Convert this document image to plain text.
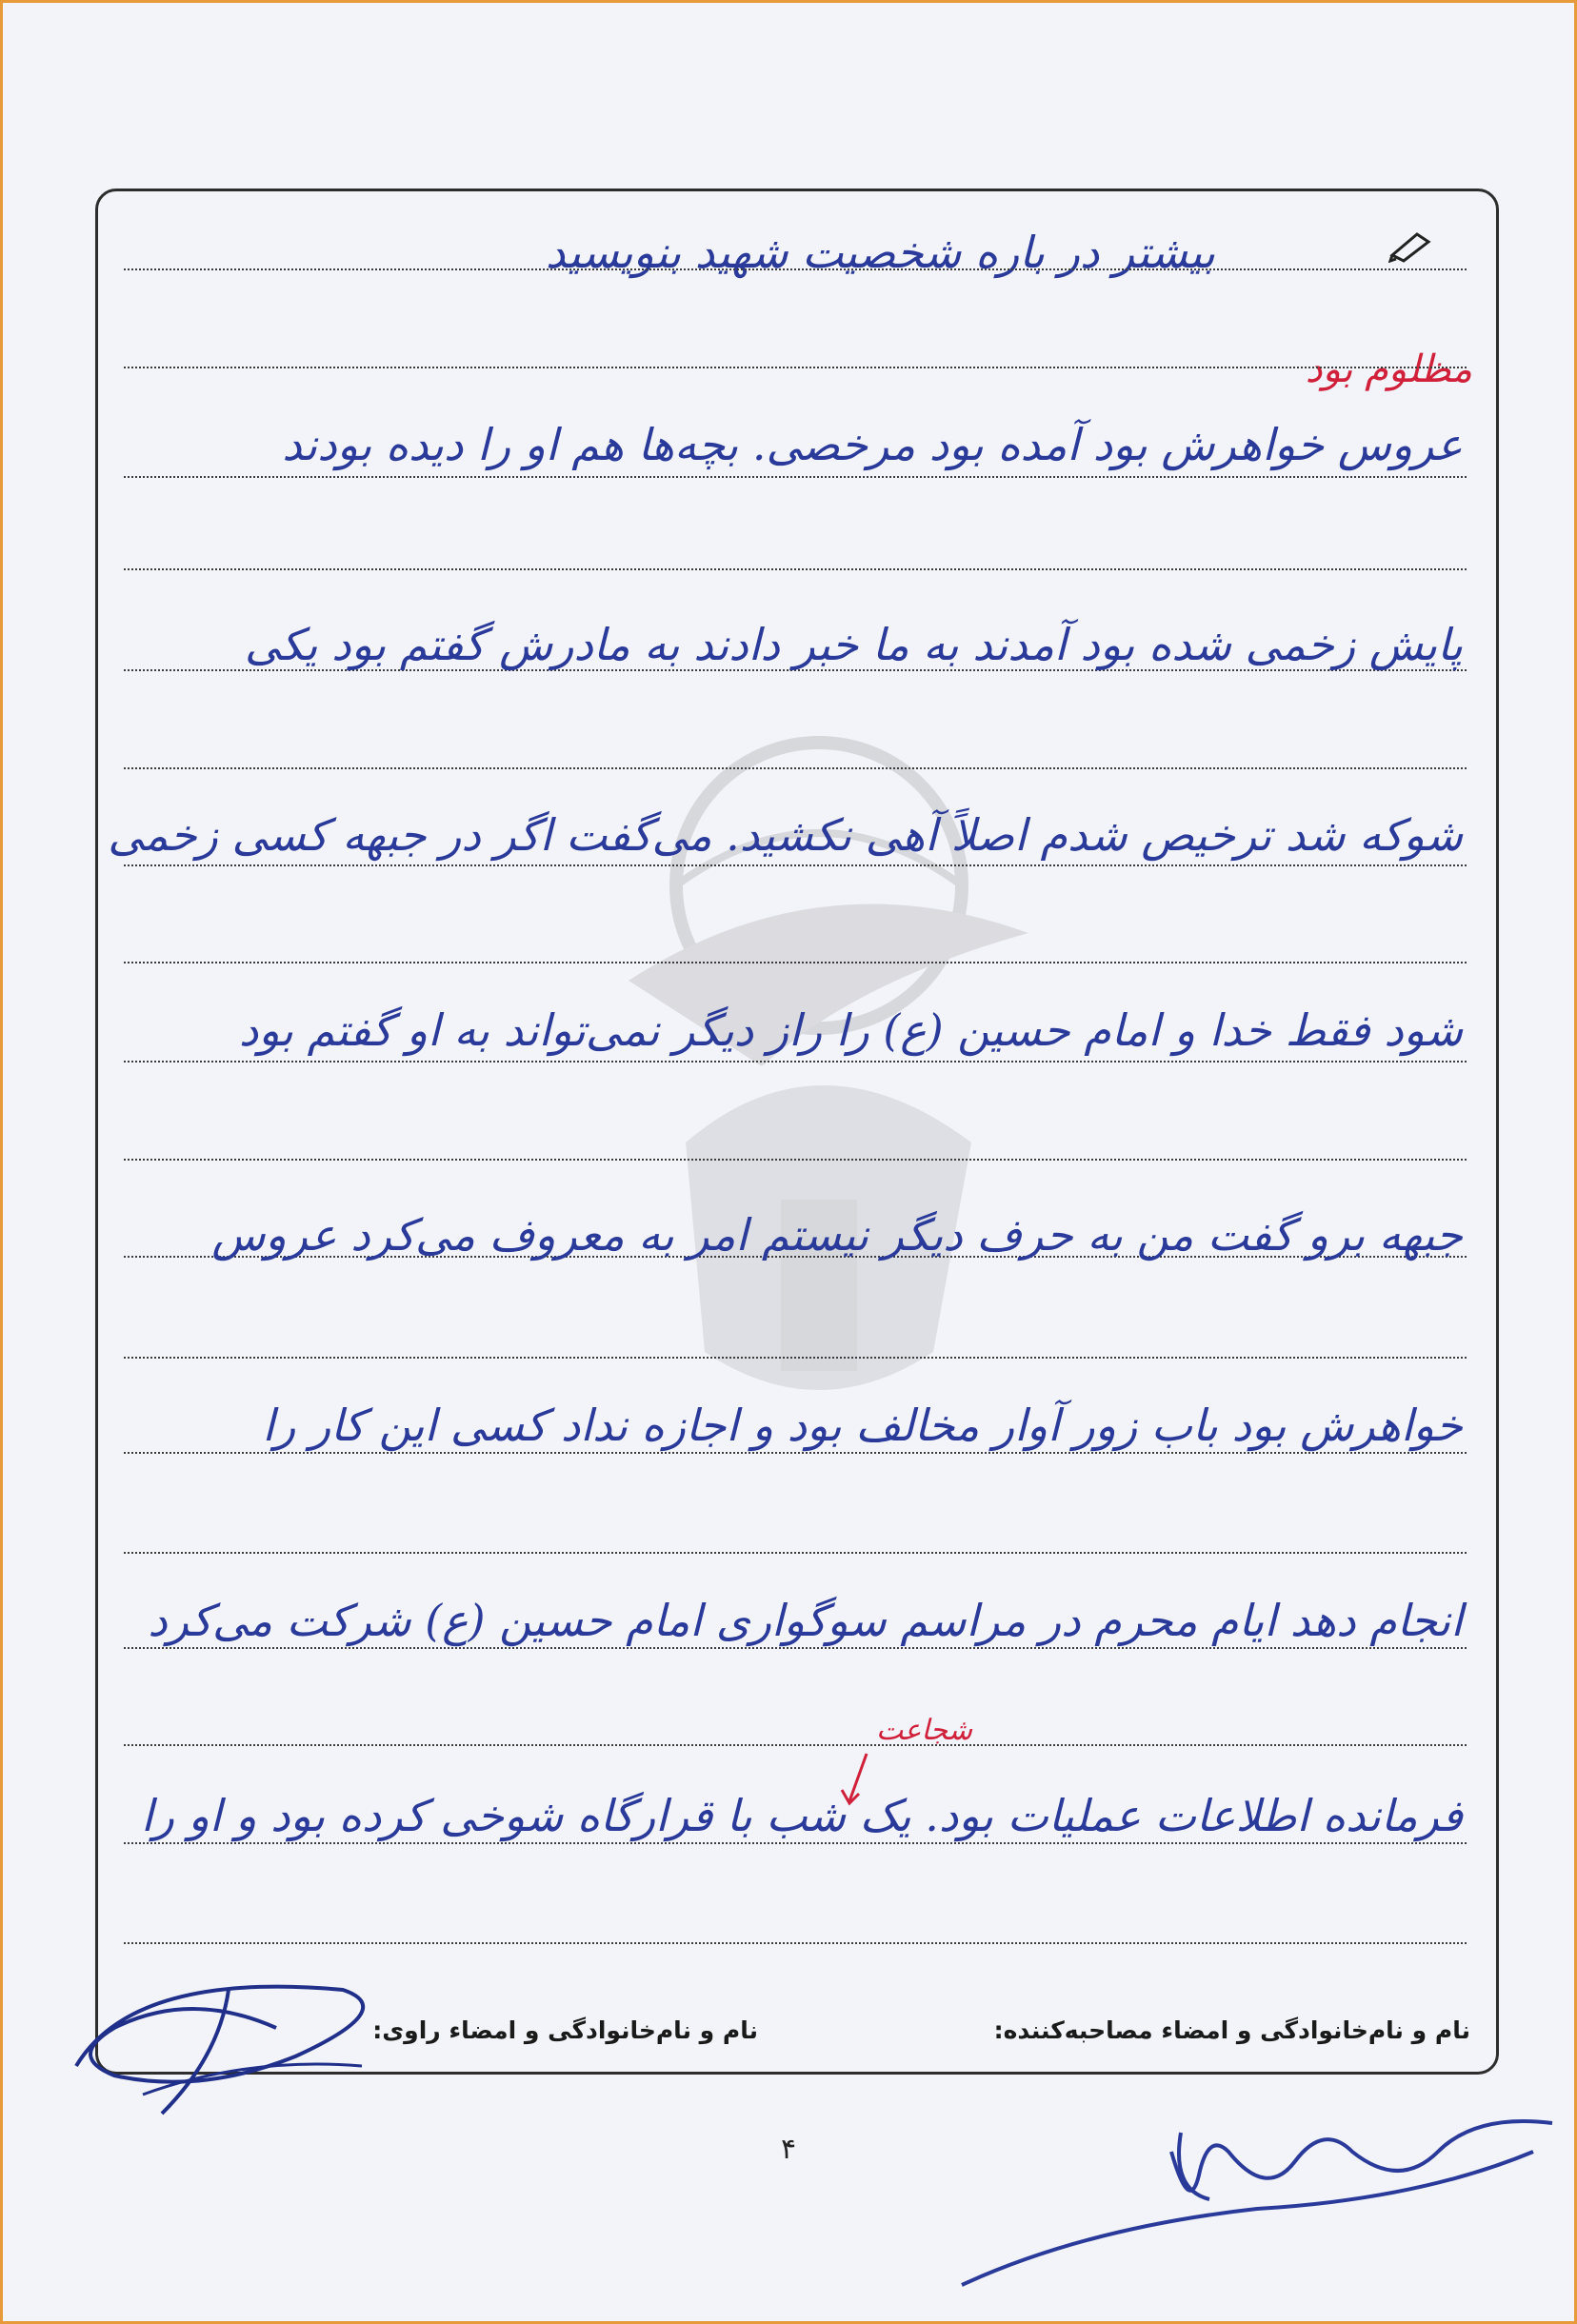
بیشتر در باره شخصیت شهید بنویسید
مظلوم بود
عروس خواهرش بود آمده بود مرخصی. بچه‌ها هم او را دیده بودند
پایش زخمی شده بود آمدند به ما خبر دادند به مادرش گفتم بود یکی
شوکه شد ترخیص شدم اصلاً آهی نکشید. می‌گفت اگر در جبهه کسی زخمی
شود فقط خدا و امام حسین (ع) را راز دیگر نمی‌تواند به او گفتم بود
جبهه برو گفت من به حرف دیگر نیستم امر به معروف می‌کرد عروس
خواهرش بود باب زور آوار مخالف بود و اجازه نداد کسی این کار را
انجام دهد ایام محرم در مراسم سوگواری امام حسین (ع) شرکت می‌کرد
فرمانده اطلاعات عملیات بود. یک شب با قرارگاه شوخی کرده بود و او را
شجاعت
نام و نام‌خانوادگی و امضاء مصاحبه‌کننده:
نام و نام‌خانوادگی و امضاء راوی:
۴
